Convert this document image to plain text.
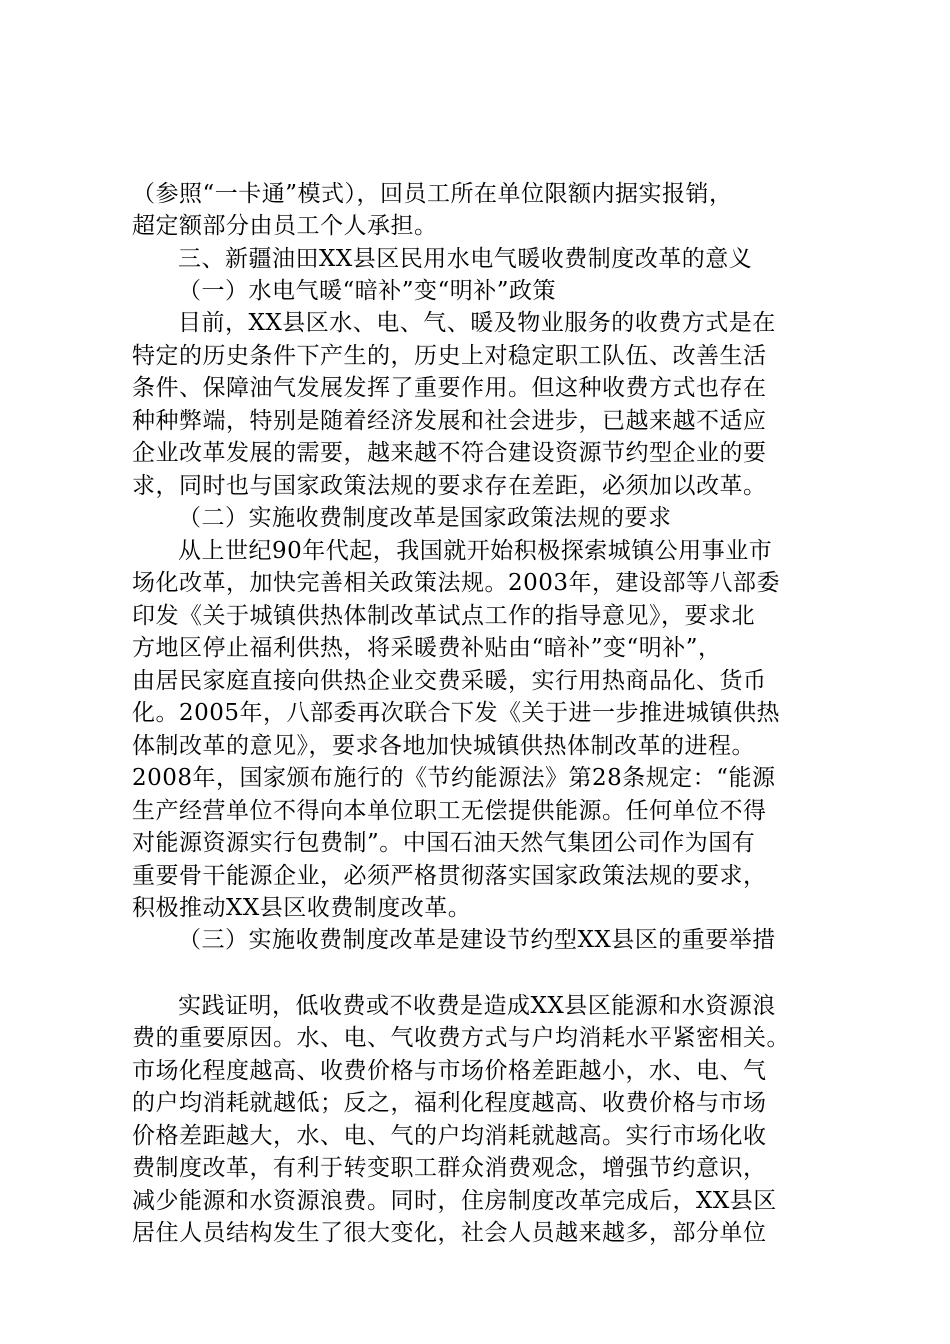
（参照“一卡通”模式），回员工所在单位限额内据实报销，
超定额部分由员工个人承担。
三、新疆油田XX县区民用水电气暖收费制度改革的意义
（一）水电气暖“暗补”变“明补”政策
目前，XX县区水、电、气、暖及物业服务的收费方式是在
特定的历史条件下产生的，历史上对稳定职工队伍、改善生活
条件、保障油气发展发挥了重要作用。但这种收费方式也存在
种种弊端，特别是随着经济发展和社会进步，已越来越不适应
企业改革发展的需要，越来越不符合建设资源节约型企业的要
求，同时也与国家政策法规的要求存在差距，必须加以改革。
（二）实施收费制度改革是国家政策法规的要求
从上世纪90年代起，我国就开始积极探索城镇公用事业市
场化改革，加快完善相关政策法规。2003年，建设部等八部委
印发《关于城镇供热体制改革试点工作的指导意见》，要求北
方地区停止福利供热，将采暖费补贴由“暗补”变“明补”，
由居民家庭直接向供热企业交费采暖，实行用热商品化、货币
化。2005年，八部委再次联合下发《关于进一步推进城镇供热
体制改革的意见》，要求各地加快城镇供热体制改革的进程。
2008年，国家颁布施行的《节约能源法》第28条规定：“能源
生产经营单位不得向本单位职工无偿提供能源。任何单位不得
对能源资源实行包费制”。中国石油天然气集团公司作为国有
重要骨干能源企业，必须严格贯彻落实国家政策法规的要求，
积极推动XX县区收费制度改革。
（三）实施收费制度改革是建设节约型XX县区的重要举措
实践证明，低收费或不收费是造成XX县区能源和水资源浪
费的重要原因。水、电、气收费方式与户均消耗水平紧密相关。
市场化程度越高、收费价格与市场价格差距越小，水、电、气
的户均消耗就越低；反之，福利化程度越高、收费价格与市场
价格差距越大，水、电、气的户均消耗就越高。实行市场化收
费制度改革，有利于转变职工群众消费观念，增强节约意识，
减少能源和水资源浪费。同时，住房制度改革完成后，XX县区
居住人员结构发生了很大变化，社会人员越来越多，部分单位
